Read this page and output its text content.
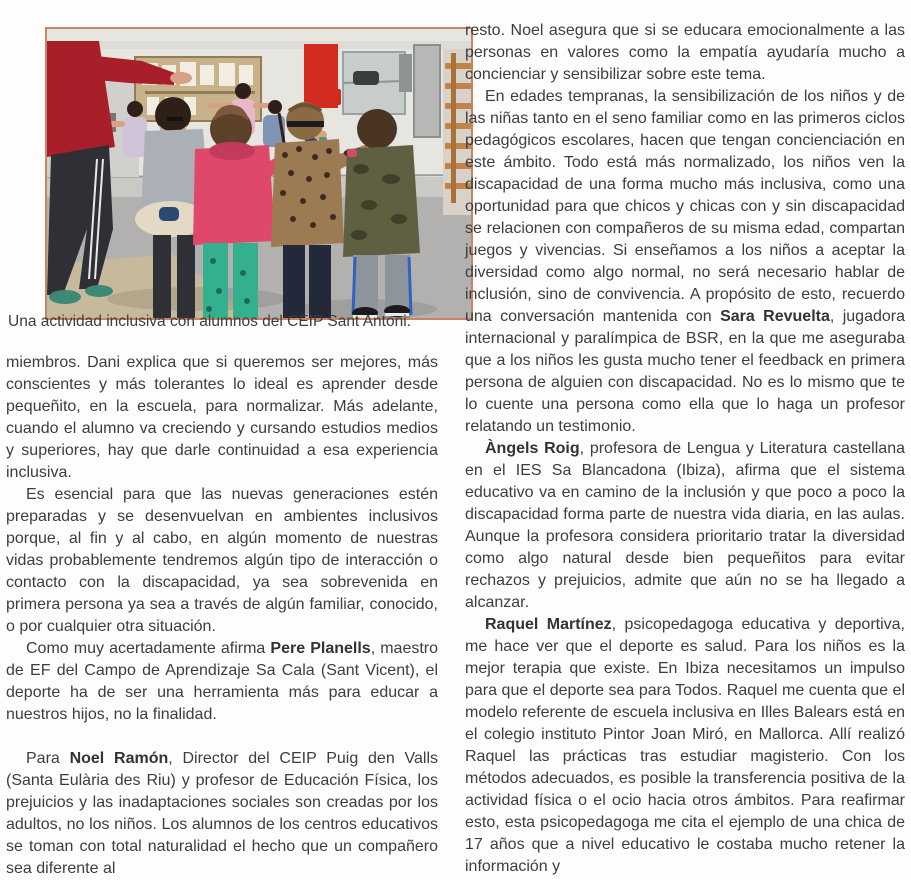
Una actividad inclusiva con alumnos del CEIP Sant Antoni.

miembros. Dani explica que si queremos ser mejores, más conscientes y más tolerantes lo ideal es aprender desde pequeñito, en la escuela, para normalizar. Más adelante, cuando el alumno va creciendo y cursando estudios medios y superiores, hay que darle continuidad a esa experiencia inclusiva.

Es esencial para que las nuevas generaciones estén preparadas y se desenvuelvan en ambientes inclusivos porque, al fin y al cabo, en algún momento de nuestras vidas probablemente tendremos algún tipo de interacción o contacto con la discapacidad, ya sea sobrevenida en primera persona ya sea a través de algún familiar, conocido, o por cualquier otra situación.

Como muy acertadamente afirma Pere Planells, maestro de EF del Campo de Aprendizaje Sa Cala (Sant Vicent), el deporte ha de ser una herramienta más para educar a nuestros hijos, no la finalidad.

Para Noel Ramón, Director del CEIP Puig den Valls (Santa Eulària des Riu) y profesor de Educación Física, los prejuicios y las inadaptaciones sociales son creadas por los adultos, no los niños. Los alumnos de los centros educativos se toman con total naturalidad el hecho que un compañero sea diferente al

resto. Noel asegura que si se educara emocionalmente a las personas en valores como la empatía ayudaría mucho a concienciar y sensibilizar sobre este tema.

En edades tempranas, la sensibilización de los niños y de las niñas tanto en el seno familiar como en las primeros ciclos pedagógicos escolares, hacen que tengan concienciación en este ámbito. Todo está más normalizado, los niños ven la discapacidad de una forma mucho más inclusiva, como una oportunidad para que chicos y chicas con y sin discapacidad se relacionen con compañeros de su misma edad, compartan juegos y vivencias. Si enseñamos a los niños a aceptar la diversidad como algo normal, no será necesario hablar de inclusión, sino de convivencia. A propósito de esto, recuerdo una conversación mantenida con Sara Revuelta, jugadora internacional y paralímpica de BSR, en la que me aseguraba que a los niños les gusta mucho tener el feedback en primera persona de alguien con discapacidad. No es lo mismo que te lo cuente una persona como ella que lo haga un profesor relatando un testimonio.

Àngels Roig, profesora de Lengua y Literatura castellana en el IES Sa Blancadona (Ibiza), afirma que el sistema educativo va en camino de la inclusión y que poco a poco la discapacidad forma parte de nuestra vida diaria, en las aulas. Aunque la profesora considera prioritario tratar la diversidad como algo natural desde bien pequeñitos para evitar rechazos y prejuicios, admite que aún no se ha llegado a alcanzar.

Raquel Martínez, psicopedagoga educativa y deportiva, me hace ver que el deporte es salud. Para los niños es la mejor terapia que existe. En Ibiza necesitamos un impulso para que el deporte sea para Todos. Raquel me cuenta que el modelo referente de escuela inclusiva en Illes Balears está en el colegio instituto Pintor Joan Miró, en Mallorca. Allí realizó Raquel las prácticas tras estudiar magisterio. Con los métodos adecuados, es posible la transferencia positiva de la actividad física o el ocio hacia otros ámbitos. Para reafirmar esto, esta psicopedagoga me cita el ejemplo de una chica de 17 años que a nivel educativo le costaba mucho retener la información y
